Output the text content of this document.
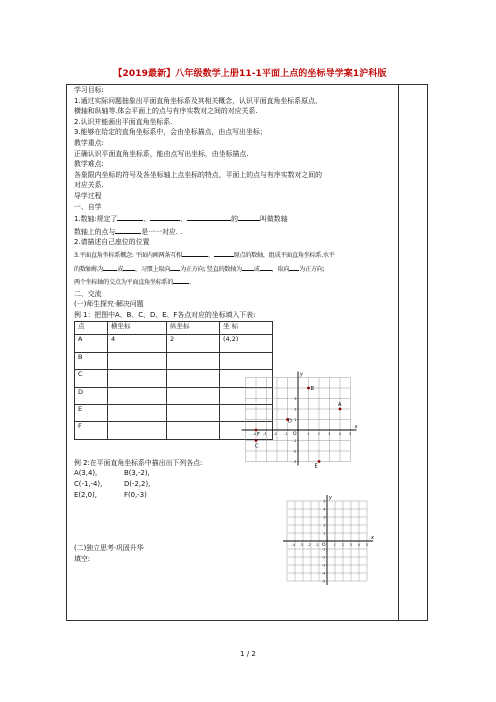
【2019最新】八年级数学上册11-1平面上点的坐标导学案1沪科版
学习目标:
1.通过实际问题抽象出平面直角坐标系及其相关概念，认识平面直角坐标系原点、
横轴和纵轴等.体会平面上的点与有序实数对之间的对应关系.
2.认识并能画出平面直角坐标系.
3.能够在给定的直角坐标系中，会由坐标描点，由点写出坐标；
教学重点:
正确认识平面直角坐标系，能由点写出坐标，由坐标描点.
教学难点:
各象限内坐标的符号及各坐标轴上点坐标的特点，平面上的点与有序实数对之间的
对应关系.
导学过程
一、自学
1.数轴:规定了	、	、	的	叫做数轴
数轴上的点与	是一一对应. .
2.请描述自己座位的位置
3.平面直角坐标系概念: 平面内画两条互相	、	原点的数轴，组成平面直角坐标系.水平
的数轴称为 或 ，习惯上取向 为正方向; 竖直的数轴为 或 ，取向 为正方向;
两个坐标轴的交点为平面直角坐标系的	.
二、交流
(一)师生探究·解决问题
例 1：把图中A、B、C、D、E、F各点对应的坐标填入下表:
点	横坐标	纵坐标	坐 标
A	4	2	(4,2)
B			
C			
D			
E			
F			
例 2:在平面直角坐标系中描出出下列各点:
A(3,4),	B(3,-2),
C(-1,-4),	D(-2,2),
E(2,0),	F(0,-3)
(二)独立思考·巩固升华
填空:
x
y
O
-4 -3 -2 -1	1	2	3	4	5
3
2
1
-1
-2
-3
A
B
C
D
E
F
x
y
O
-4 -3 -2 -1	1 2 3 4 5
5
4
3
2
1
-1
-2
-3
-4
-5
1 / 2
